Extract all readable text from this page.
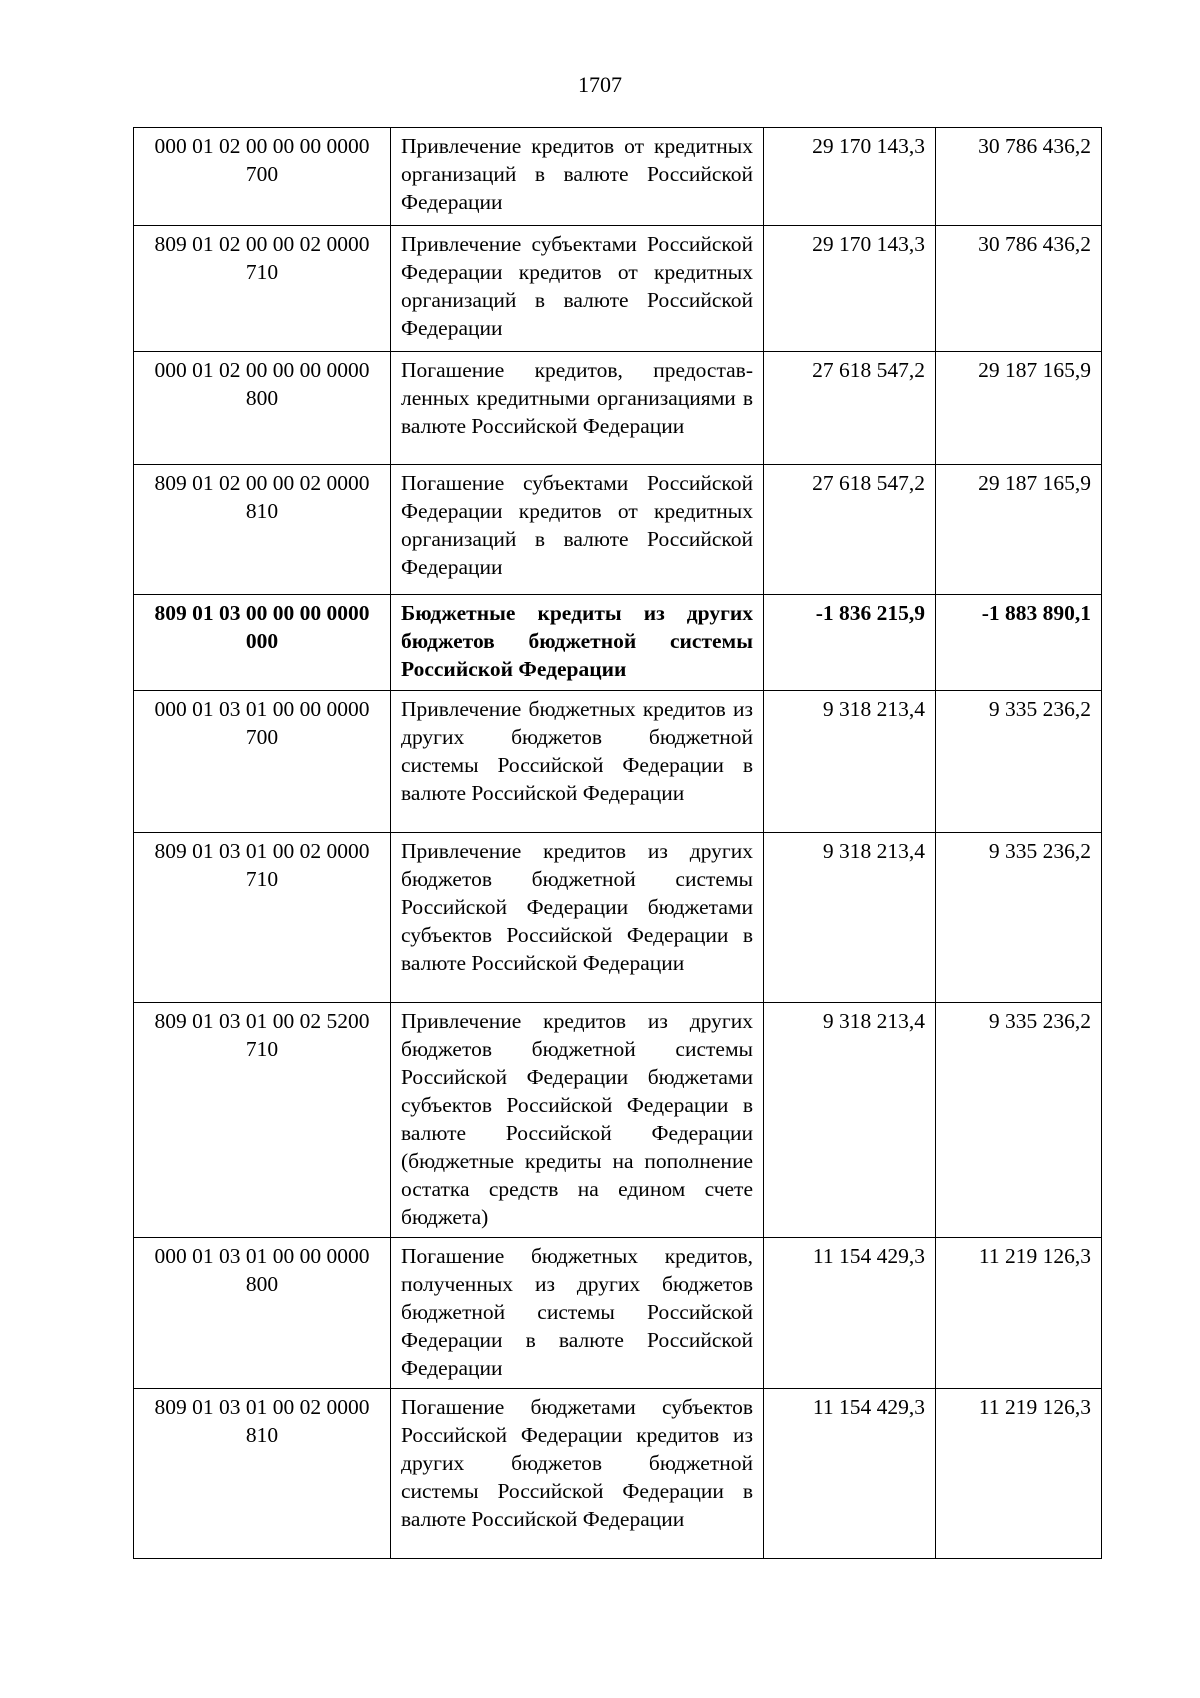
1707
000 01 02 00 00 00 0000 700	Привлечение кредитов от кредитных организаций в валюте Российской Федерации	29 170 143,3	30 786 436,2
809 01 02 00 00 02 0000 710	Привлечение субъектами Российской Федерации кредитов от кредитных организаций в валюте Российской Федерации	29 170 143,3	30 786 436,2
000 01 02 00 00 00 0000 800	Погашение кредитов, предоставленных кредитными организациями в валюте Российской Федерации	27 618 547,2	29 187 165,9
809 01 02 00 00 02 0000 810	Погашение субъектами Российской Федерации кредитов от кредитных организаций в валюте Российской Федерации	27 618 547,2	29 187 165,9
809 01 03 00 00 00 0000 000	Бюджетные кредиты из других бюджетов бюджетной системы Российской Федерации	-1 836 215,9	-1 883 890,1
000 01 03 01 00 00 0000 700	Привлечение бюджетных кредитов из других бюджетов бюджетной системы Российской Федерации в валюте Российской Федерации	9 318 213,4	9 335 236,2
809 01 03 01 00 02 0000 710	Привлечение кредитов из других бюджетов бюджетной системы Российской Федерации бюджетами субъектов Российской Федерации в валюте Российской Федерации	9 318 213,4	9 335 236,2
809 01 03 01 00 02 5200 710	Привлечение кредитов из других бюджетов бюджетной системы Российской Федерации бюджетами субъектов Российской Федерации в валюте Российской Федерации (бюджетные кредиты на пополнение остатка средств на едином счете бюджета)	9 318 213,4	9 335 236,2
000 01 03 01 00 00 0000 800	Погашение бюджетных кредитов, полученных из других бюджетов бюджетной системы Российской Федерации в валюте Российской Федерации	11 154 429,3	11 219 126,3
809 01 03 01 00 02 0000 810	Погашение бюджетами субъектов Российской Федерации кредитов из других бюджетов бюджетной системы Российской Федерации в валюте Российской Федерации	11 154 429,3	11 219 126,3
